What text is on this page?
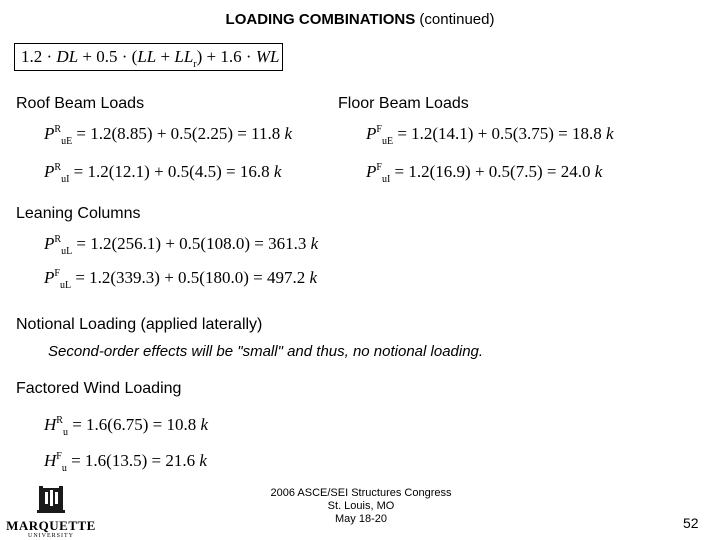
LOADING COMBINATIONS (continued)
1.2 · DL + $0.5 \cdot (LL + LL_r) + 1.6$ · WL
Roof Beam Loads	Floor Beam Loads
$P^R_{uE} = 1.2(8.85) + 0.5(2.25) = 11.8$ k
$P^R_{uI} = 1.2(12.1) + 0.5(4.5) = 16.8$ k
$P^F_{uE} = 1.2(14.1) + 0.5(3.75) = 18.8$ k
$P^F_{uI} = 1.2(16.9) + 0.5(7.5) = 24.0$ k
Leaning Columns
$P^R_{uL} = 1.2(256.1) + 0.5(108.0) = 361.3$ k
$P^F_{uL} = 1.2(339.3) + 0.5(180.0) = 497.2$ k
Notional Loading (applied laterally)
Second-order effects will be "small" and thus, no notional loading.
Factored Wind Loading
$H^R_u = 1.6(6.75) = 10.8$ k
$H^F_u = 1.6(13.5) = 21.6$ k
MARQUETTE
UNIVERSITY
2006 ASCE/SEI Structures Congress
St. Louis, MO
May 18-20	52
